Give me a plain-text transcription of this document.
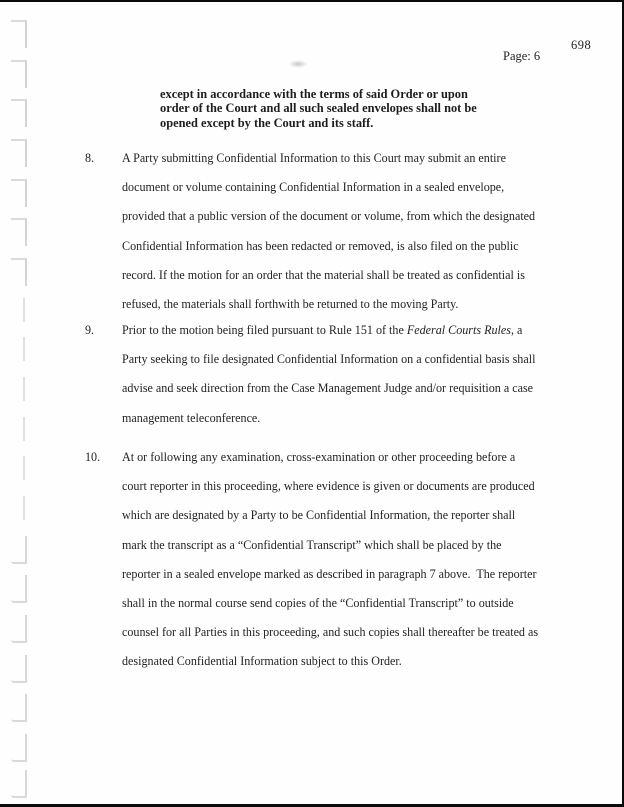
698
Page: 6
except in accordance with the terms of said Order or upon
order of the Court and all such sealed envelopes shall not be
opened except by the Court and its staff.
8. A Party submitting Confidential Information to this Court may submit an entire
document or volume containing Confidential Information in a sealed envelope,
provided that a public version of the document or volume, from which the designated
Confidential Information has been redacted or removed, is also filed on the public
record. If the motion for an order that the material shall be treated as confidential is
refused, the materials shall forthwith be returned to the moving Party.
9. Prior to the motion being filed pursuant to Rule 151 of the Federal Courts Rules, a
Party seeking to file designated Confidential Information on a confidential basis shall
advise and seek direction from the Case Management Judge and/or requisition a case
management teleconference.
10. At or following any examination, cross-examination or other proceeding before a
court reporter in this proceeding, where evidence is given or documents are produced
which are designated by a Party to be Confidential Information, the reporter shall
mark the transcript as a “Confidential Transcript” which shall be placed by the
reporter in a sealed envelope marked as described in paragraph 7 above.  The reporter
shall in the normal course send copies of the “Confidential Transcript” to outside
counsel for all Parties in this proceeding, and such copies shall thereafter be treated as
designated Confidential Information subject to this Order.
